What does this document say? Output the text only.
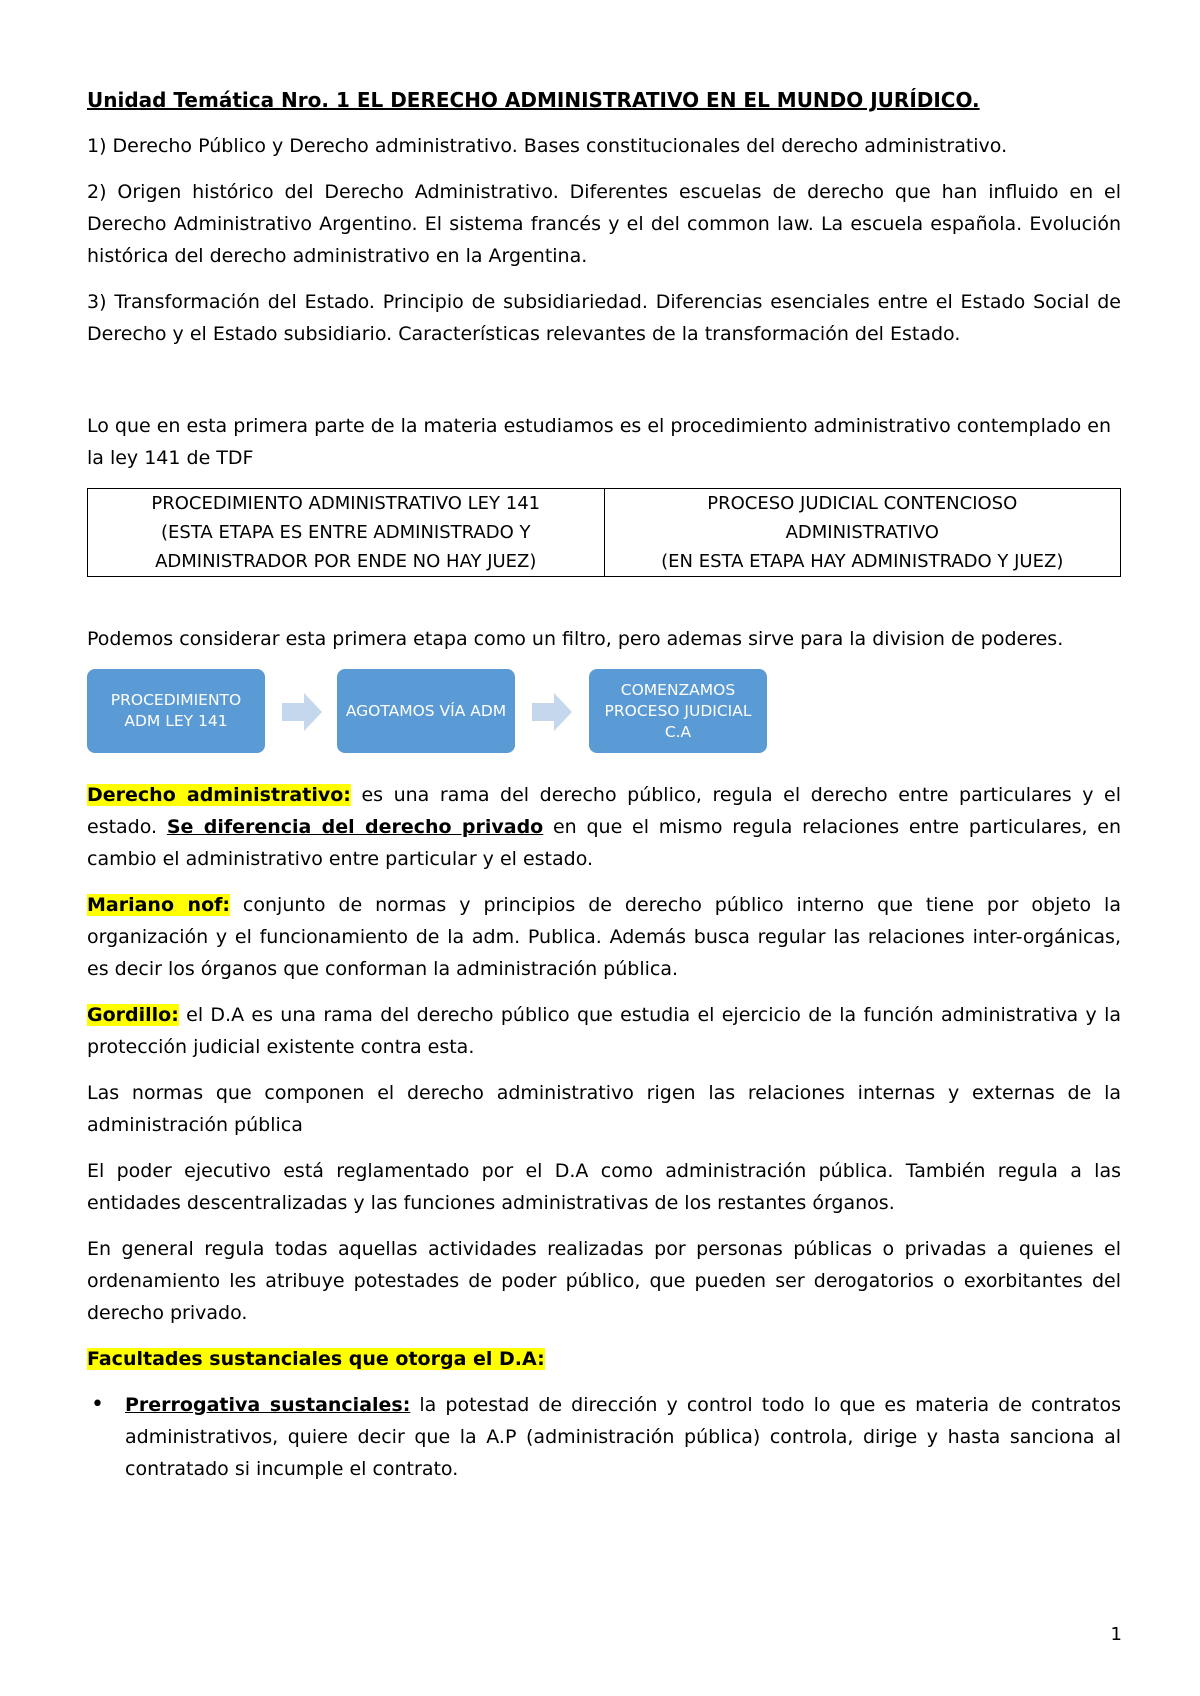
Unidad Temática Nro. 1 EL DERECHO ADMINISTRATIVO EN EL MUNDO JURÍDICO.

1) Derecho Público y Derecho administrativo. Bases constitucionales del derecho administrativo.

2) Origen histórico del Derecho Administrativo. Diferentes escuelas de derecho que han influido en el Derecho Administrativo Argentino. El sistema francés y el del common law. La escuela española. Evolución histórica del derecho administrativo en la Argentina.

3) Transformación del Estado. Principio de subsidiariedad. Diferencias esenciales entre el Estado Social de Derecho y el Estado subsidiario. Características relevantes de la transformación del Estado.

Lo que en esta primera parte de la materia estudiamos es el procedimiento administrativo contemplado en la ley 141 de TDF

PROCEDIMIENTO ADMINISTRATIVO LEY 141
(ESTA ETAPA ES ENTRE ADMINISTRADO Y
ADMINISTRADOR POR ENDE NO HAY JUEZ)

PROCESO JUDICIAL CONTENCIOSO
ADMINISTRATIVO
(EN ESTA ETAPA HAY ADMINISTRADO Y JUEZ)

Podemos considerar esta primera etapa como un filtro, pero ademas sirve para la division de poderes.

PROCEDIMIENTO ADM LEY 141
AGOTAMOS VÍA ADM
COMENZAMOS PROCESO JUDICIAL C.A

Derecho administrativo: es una rama del derecho público, regula el derecho entre particulares y el estado. Se diferencia del derecho privado en que el mismo regula relaciones entre particulares, en cambio el administrativo entre particular y el estado.

Mariano nof: conjunto de normas y principios de derecho público interno que tiene por objeto la organización y el funcionamiento de la adm. Publica. Además busca regular las relaciones inter-orgánicas, es decir los órganos que conforman la administración pública.

Gordillo: el D.A es una rama del derecho público que estudia el ejercicio de la función administrativa y la protección judicial existente contra esta.

Las normas que componen el derecho administrativo rigen las relaciones internas y externas de la administración pública

El poder ejecutivo está reglamentado por el D.A como administración pública. También regula a las entidades descentralizadas y las funciones administrativas de los restantes órganos.

En general regula todas aquellas actividades realizadas por personas públicas o privadas a quienes el ordenamiento les atribuye potestades de poder público, que pueden ser derogatorios o exorbitantes del derecho privado.

Facultades sustanciales que otorga el D.A:

• Prerrogativa sustanciales: la potestad de dirección y control todo lo que es materia de contratos administrativos, quiere decir que la A.P (administración pública) controla, dirige y hasta sanciona al contratado si incumple el contrato.
1
